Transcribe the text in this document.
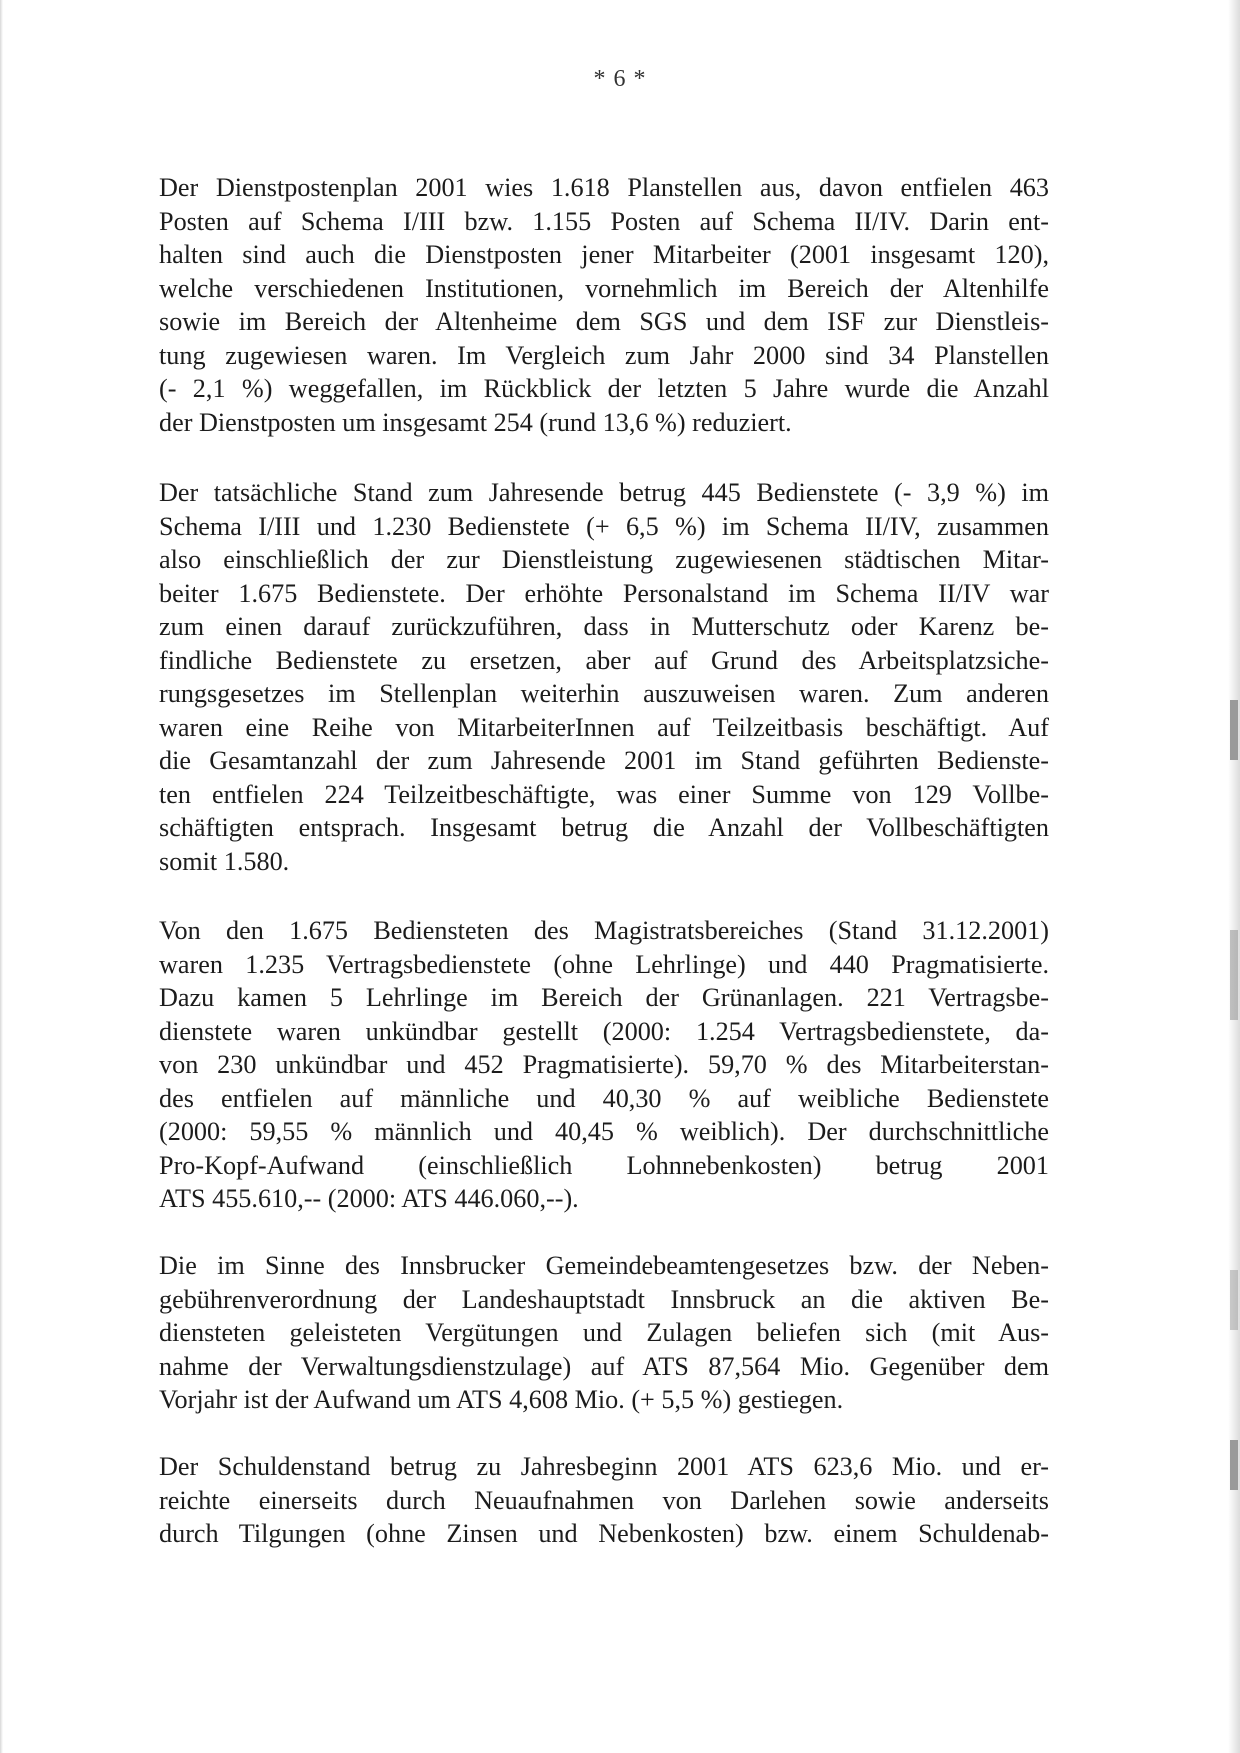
* 6 *
Der Dienstpostenplan 2001 wies 1.618 Planstellen aus, davon entfielen 463
Posten auf Schema I/III bzw. 1.155 Posten auf Schema II/IV. Darin ent-
halten sind auch die Dienstposten jener Mitarbeiter (2001 insgesamt 120),
welche verschiedenen Institutionen, vornehmlich im Bereich der Altenhilfe
sowie im Bereich der Altenheime dem SGS und dem ISF zur Dienstleis-
tung zugewiesen waren. Im Vergleich zum Jahr 2000 sind 34 Planstellen
(- 2,1 %) weggefallen, im Rückblick der letzten 5 Jahre wurde die Anzahl
der Dienstposten um insgesamt 254 (rund 13,6 %) reduziert.
Der tatsächliche Stand zum Jahresende betrug 445 Bedienstete (- 3,9 %) im
Schema I/III und 1.230 Bedienstete (+ 6,5 %) im Schema II/IV, zusammen
also einschließlich der zur Dienstleistung zugewiesenen städtischen Mitar-
beiter 1.675 Bedienstete. Der erhöhte Personalstand im Schema II/IV war
zum einen darauf zurückzuführen, dass in Mutterschutz oder Karenz be-
findliche Bedienstete zu ersetzen, aber auf Grund des Arbeitsplatzsiche-
rungsgesetzes im Stellenplan weiterhin auszuweisen waren. Zum anderen
waren eine Reihe von MitarbeiterInnen auf Teilzeitbasis beschäftigt. Auf
die Gesamtanzahl der zum Jahresende 2001 im Stand geführten Bedienste-
ten entfielen 224 Teilzeitbeschäftigte, was einer Summe von 129 Vollbe-
schäftigten entsprach. Insgesamt betrug die Anzahl der Vollbeschäftigten
somit 1.580.
Von den 1.675 Bediensteten des Magistratsbereiches (Stand 31.12.2001)
waren 1.235 Vertragsbedienstete (ohne Lehrlinge) und 440 Pragmatisierte.
Dazu kamen 5 Lehrlinge im Bereich der Grünanlagen. 221 Vertragsbe-
dienstete waren unkündbar gestellt (2000: 1.254 Vertragsbedienstete, da-
von 230 unkündbar und 452 Pragmatisierte). 59,70 % des Mitarbeiterstan-
des entfielen auf männliche und 40,30 % auf weibliche Bedienstete
(2000: 59,55 % männlich und 40,45 % weiblich). Der durchschnittliche
Pro-Kopf-Aufwand (einschließlich Lohnnebenkosten) betrug 2001
ATS 455.610,-- (2000: ATS 446.060,--).
Die im Sinne des Innsbrucker Gemeindebeamtengesetzes bzw. der Neben-
gebührenverordnung der Landeshauptstadt Innsbruck an die aktiven Be-
diensteten geleisteten Vergütungen und Zulagen beliefen sich (mit Aus-
nahme der Verwaltungsdienstzulage) auf ATS 87,564 Mio. Gegenüber dem
Vorjahr ist der Aufwand um ATS 4,608 Mio. (+ 5,5 %) gestiegen.
Der Schuldenstand betrug zu Jahresbeginn 2001 ATS 623,6 Mio. und er-
reichte einerseits durch Neuaufnahmen von Darlehen sowie anderseits
durch Tilgungen (ohne Zinsen und Nebenkosten) bzw. einem Schuldenab-
